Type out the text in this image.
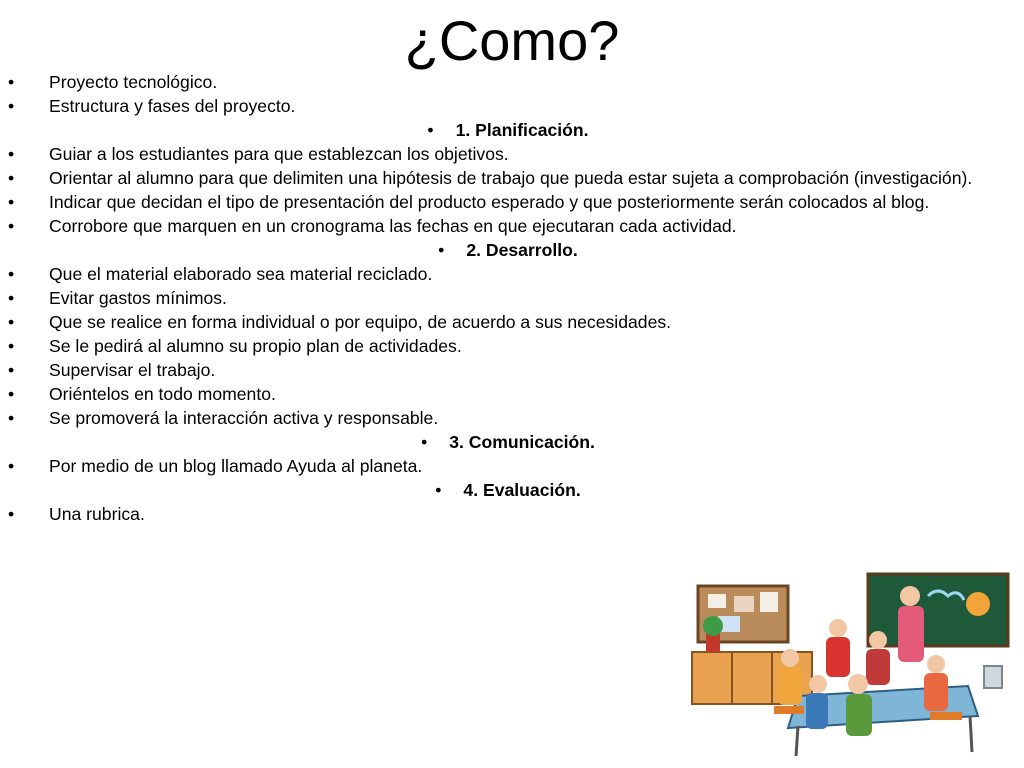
¿Como?
•	Proyecto tecnológico.
•	Estructura y fases del proyecto.
• 1. Planificación.
•	Guiar a los estudiantes para que establezcan los objetivos.
•	Orientar al alumno para que delimiten una hipótesis de trabajo que pueda estar sujeta a comprobación (investigación).
•	Indicar que decidan el tipo de presentación del producto esperado y que posteriormente serán colocados al blog.
•	Corrobore que marquen en un cronograma las fechas en que ejecutaran cada actividad.
• 2. Desarrollo.
•	Que el material elaborado sea material reciclado.
•	Evitar gastos mínimos.
•	Que se realice en forma individual o por equipo, de acuerdo a sus necesidades.
•	Se le pedirá al alumno su propio plan de actividades.
•	Supervisar el trabajo.
•	Oriéntelos en todo momento.
•	Se promoverá la interacción activa y responsable.
• 3. Comunicación.
•	Por medio de un blog llamado Ayuda al planeta.
• 4. Evaluación.
•	Una rubrica.
